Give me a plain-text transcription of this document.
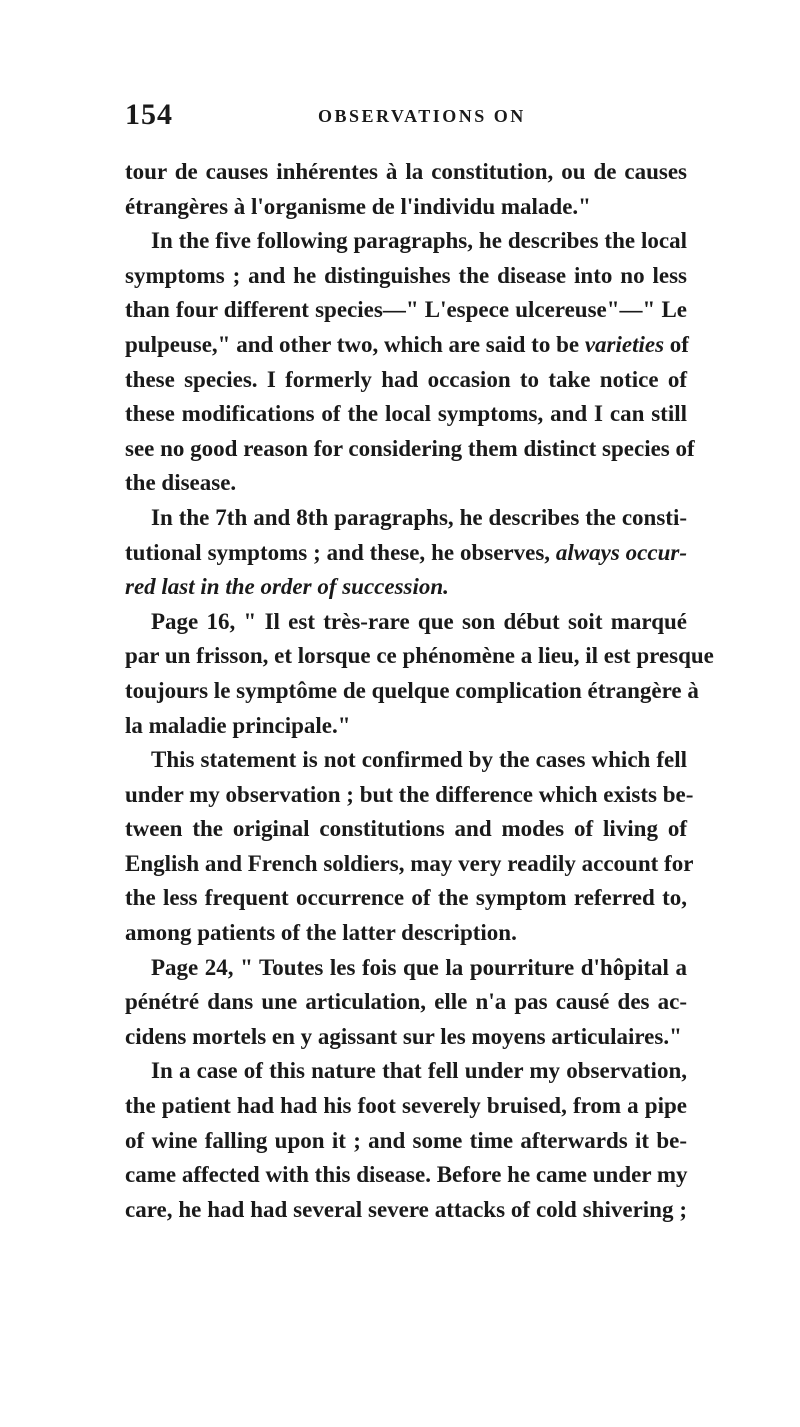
154	OBSERVATIONS ON
tour de causes inhérentes à la constitution, ou de causes
étrangères à l'organisme de l'individu malade."
In the five following paragraphs, he describes the local
symptoms ; and he distinguishes the disease into no less
than four different species—" L'espece ulcereuse"—" Le
pulpeuse," and other two, which are said to be varieties of
these species. I formerly had occasion to take notice of
these modifications of the local symptoms, and I can still
see no good reason for considering them distinct species of
the disease.
In the 7th and 8th paragraphs, he describes the consti-
tutional symptoms ; and these, he observes, always occur-
red last in the order of succession.
Page 16, " Il est très-rare que son début soit marqué
par un frisson, et lorsque ce phénomène a lieu, il est presque
toujours le symptôme de quelque complication étrangère à
la maladie principale."
This statement is not confirmed by the cases which fell
under my observation ; but the difference which exists be-
tween the original constitutions and modes of living of
English and French soldiers, may very readily account for
the less frequent occurrence of the symptom referred to,
among patients of the latter description.
Page 24, " Toutes les fois que la pourriture d'hôpital a
pénétré dans une articulation, elle n'a pas causé des ac-
cidens mortels en y agissant sur les moyens articulaires."
In a case of this nature that fell under my observation,
the patient had had his foot severely bruised, from a pipe
of wine falling upon it ; and some time afterwards it be-
came affected with this disease. Before he came under my
care, he had had several severe attacks of cold shivering ;
